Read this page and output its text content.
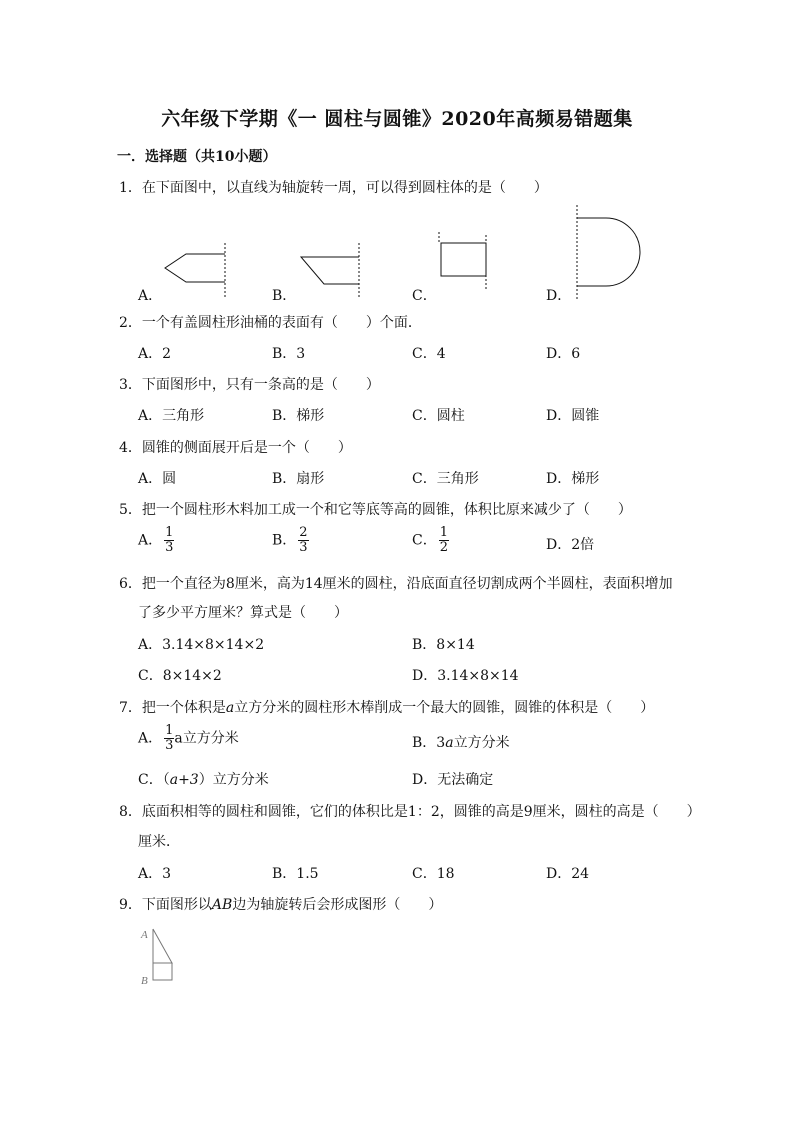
六年级下学期《一 圆柱与圆锥》2020年高频易错题集
一．选择题（共10小题）
1．在下面图中，以直线为轴旋转一周，可以得到圆柱体的是（　　）
A．	B．	C．	D．
2．一个有盖圆柱形油桶的表面有（　　）个面．
A．2	B．3	C．4	D．6
3．下面图形中，只有一条高的是（　　）
A．三角形	B．梯形	C．圆柱	D．圆锥
4．圆锥的侧面展开后是一个（　　）
A．圆	B．扇形	C．三角形	D．梯形
5．把一个圆柱形木料加工成一个和它等底等高的圆锥，体积比原来减少了（　　）
A． $\frac{1}{3}$	B． $\frac{2}{3}$	C． $\frac{1}{2}$	D．2倍
6．把一个直径为8厘米，高为14厘米的圆柱，沿底面直径切割成两个半圆柱，表面积增加
了多少平方厘米？算式是（　　）
A．3.14×8×14×2	B．8×14
C．8×14×2	D．3.14×8×14
7．把一个体积是a立方分米的圆柱形木棒削成一个最大的圆锥，圆锥的体积是（　　）
A． $\frac{1}{3}$ a立方分米	B．3a立方分米
C．（a+3）立方分米	D．无法确定
8．底面积相等的圆柱和圆锥，它们的体积比是1：2，圆锥的高是9厘米，圆柱的高是（　　）
厘米．
A．3	B．1.5	C．18	D．24
9．下面图形以AB边为轴旋转后会形成图形（　　）
A
B
